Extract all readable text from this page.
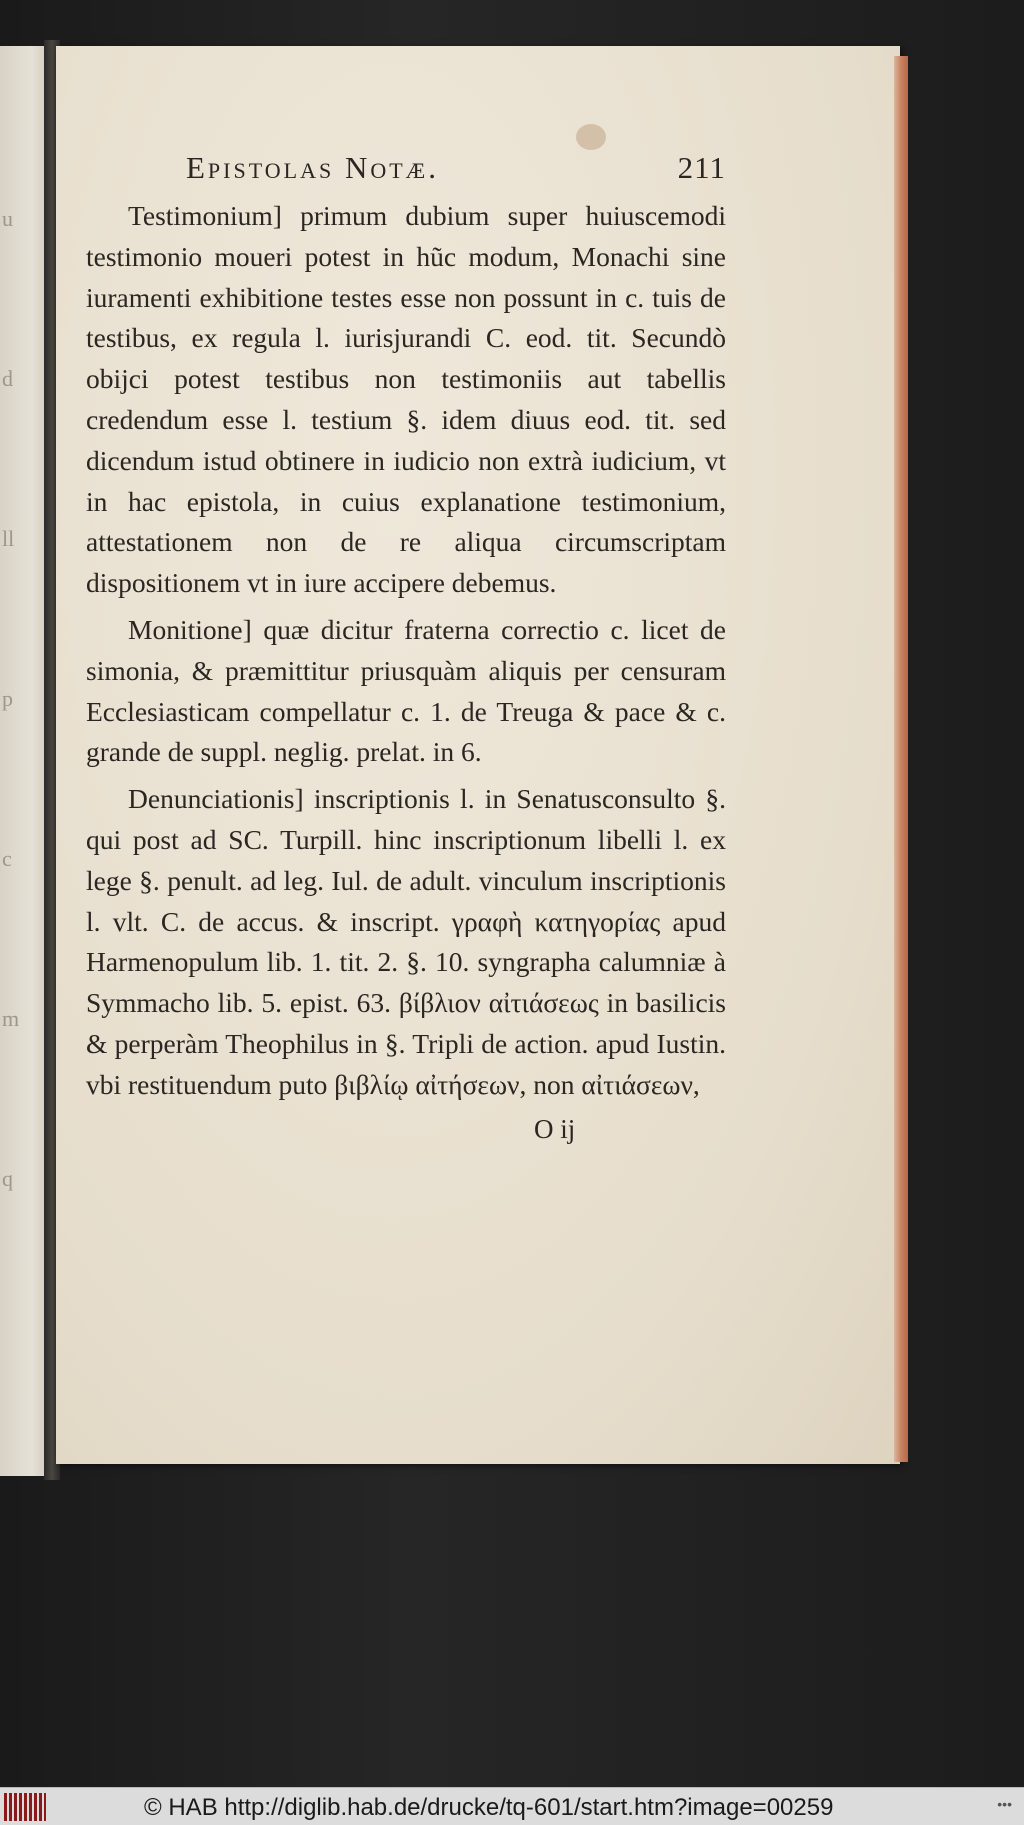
u
d
ll
p
c
m
q
Epistolas Notæ.	211

Testimonium] primum dubium super huiuscemodi testimonio moueri potest in hũc modum, Monachi sine iuramenti exhibitione testes esse non possunt in c. tuis de testibus, ex regula l. iurisjurandi C. eod. tit. Secundò obijci potest testibus non testimoniis aut tabellis credendum esse l. testium §. idem diuus eod. tit. sed dicendum istud obtinere in iudicio non extrà iudicium, vt in hac epistola, in cuius explanatione testimonium, attestationem non de re aliqua circumscriptam dispositionem vt in iure accipere debemus.

Monitione] quæ dicitur fraterna correctio c. licet de simonia, & præmittitur priusquàm aliquis per censuram Ecclesiasticam compellatur c. 1. de Treuga & pace & c. grande de suppl. neglig. prelat. in 6.

Denunciationis] inscriptionis l. in Senatusconsulto §. qui post ad SC. Turpill. hinc inscriptionum libelli l. ex lege §. penult. ad leg. Iul. de adult. vinculum inscriptionis l. vlt. C. de accus. & inscript. γραφὴ κατηγορίας apud Harmenopulum lib. 1. tit. 2. §. 10. syngrapha calumniæ à Symmacho lib. 5. epist. 63. βίβλιον αἰτιάσεως in basilicis & perperàm Theophilus in §. Tripli de action. apud Iustin. vbi restituendum puto βιβλίῳ αἰτήσεων, non αἰτιάσεων,

O ij
© HAB http://diglib.hab.de/drucke/tq-601/start.htm?image=00259	•••
